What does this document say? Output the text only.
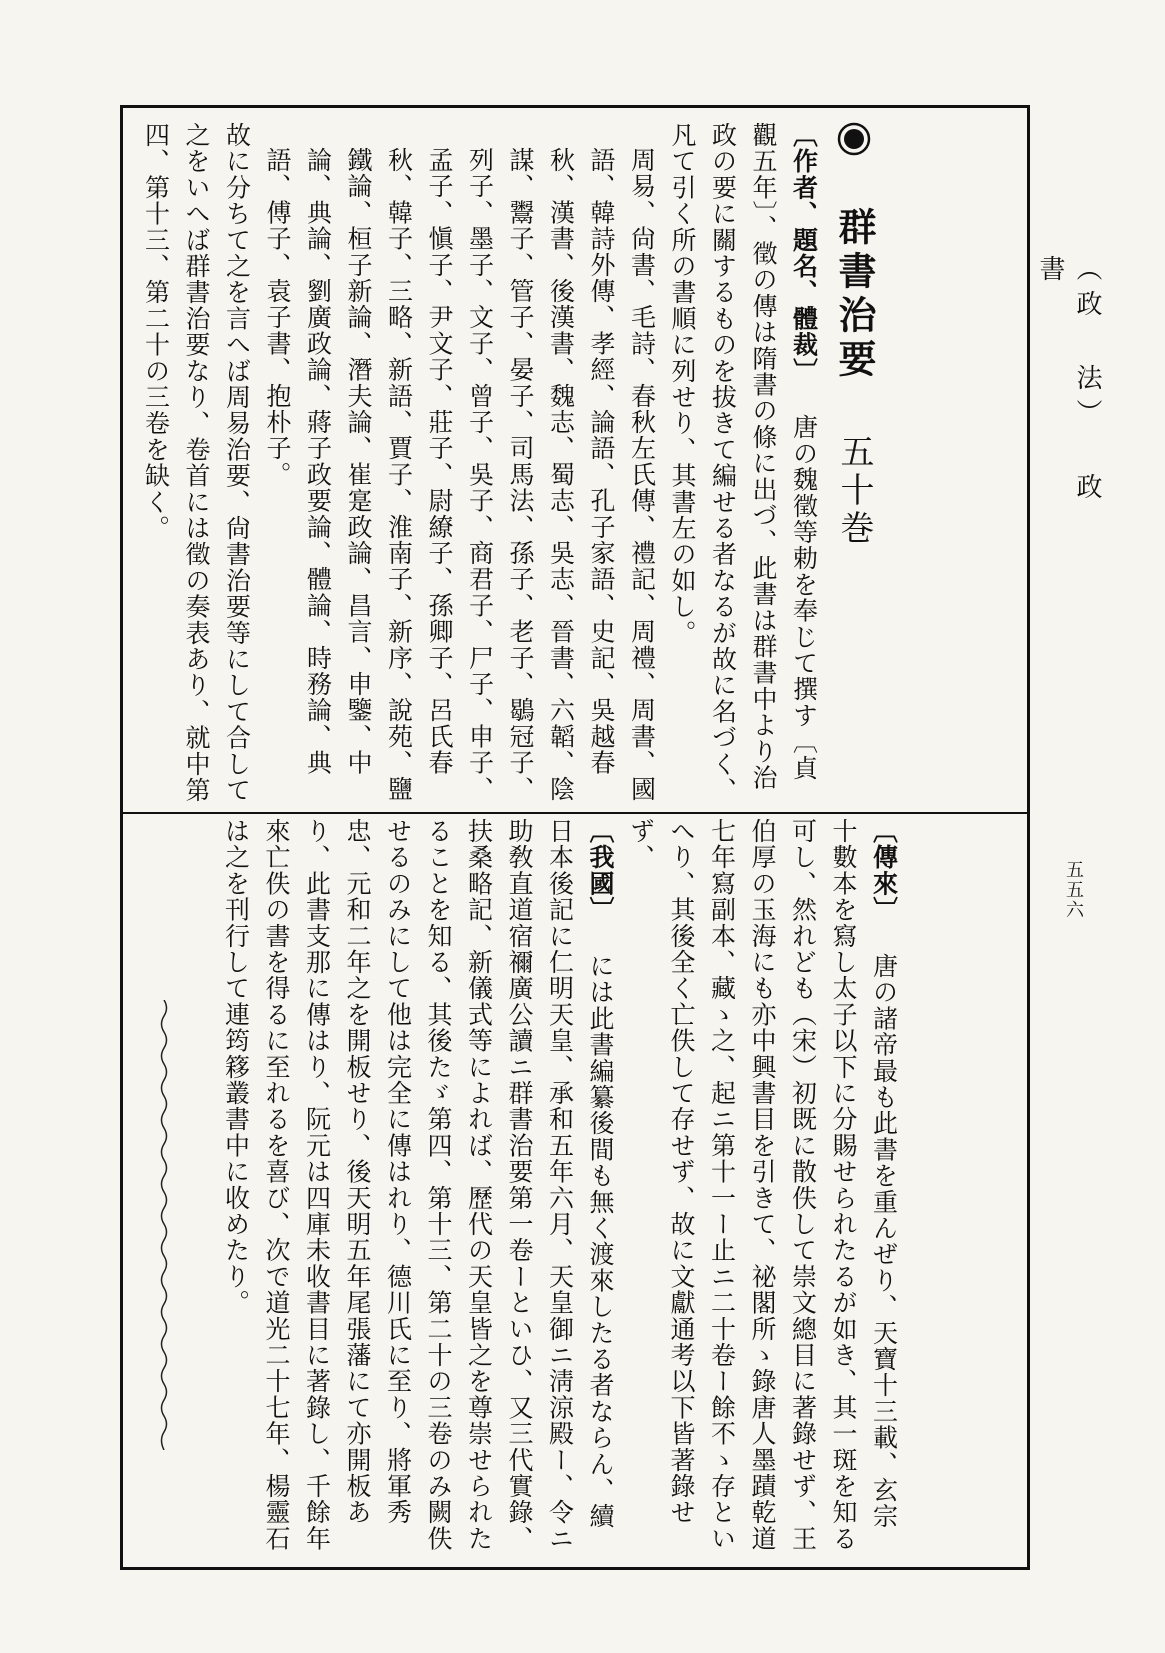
（政 法） 政 書
五五六

群書治要 五十巻

〔作者、題名、體裁〕 唐の魏徵等勅を奉じて撰す〔貞觀五年〕、徵の傳は隋書の條に出づ、此書は群書中より治政の要に關するものを拔きて編せる者なるが故に名づく、凡て引く所の書順に列せり、其書左の如し。

周易、尙書、毛詩、春秋左氏傳、禮記、周禮、周書、國語、韓詩外傳、孝經、論語、孔子家語、史記、吳越春秋、漢書、後漢書、魏志、蜀志、吳志、晉書、六韜、陰謀、鬻子、管子、晏子、司馬法、孫子、老子、鶡冠子、列子、墨子、文子、曾子、吳子、商君子、尸子、申子、孟子、愼子、尹文子、莊子、尉繚子、孫卿子、呂氏春秋、韓子、三略、新語、賈子、淮南子、新序、說苑、鹽鐵論、桓子新論、潛夫論、崔寔政論、昌言、申鑒、中論、典論、劉廣政論、蔣子政要論、體論、時務論、典語、傅子、袁子書、抱朴子。

故に分ちて之を言へば周易治要、尙書治要等にして合して之をいへば群書治要なり、卷首には徵の奏表あり、就中第四、第十三、第二十の三卷を缺く。

〔傳來〕 唐の諸帝最も此書を重んぜり、天寶十三載、玄宗十數本を寫し太子以下に分賜せられたるが如き、其一斑を知る可し、然れども（宋）初既に散佚して崇文總目に著錄せず、王伯厚の玉海にも亦中興書目を引きて、祕閣所ゝ錄唐人墨蹟乾道七年寫副本、藏ゝ之、起ニ第十一ー止ニ二十卷ー餘不ゝ存といへり、其後全く亡佚して存せず、故に文獻通考以下皆著錄せず、

〔我國〕 には此書編纂後間も無く渡來したる者ならん、續日本後記に仁明天皇、承和五年六月、天皇御ニ淸涼殿ー、令ニ助敎直道宿禰廣公讀ニ群書治要第一卷ーといひ、又三代實錄、扶桑略記、新儀式等によれば、歷代の天皇皆之を尊崇せられたることを知る、其後たゞ第四、第十三、第二十の三卷のみ闕佚せるのみにして他は完全に傳はれり、德川氏に至り、將軍秀忠、元和二年之を開板せり、後天明五年尾張藩にて亦開板あり、此書支那に傳はり、阮元は四庫未收書目に著錄し、千餘年來亡佚の書を得るに至れるを喜び、次で道光二十七年、楊靈石は之を刊行して連筠簃叢書中に收めたり。
